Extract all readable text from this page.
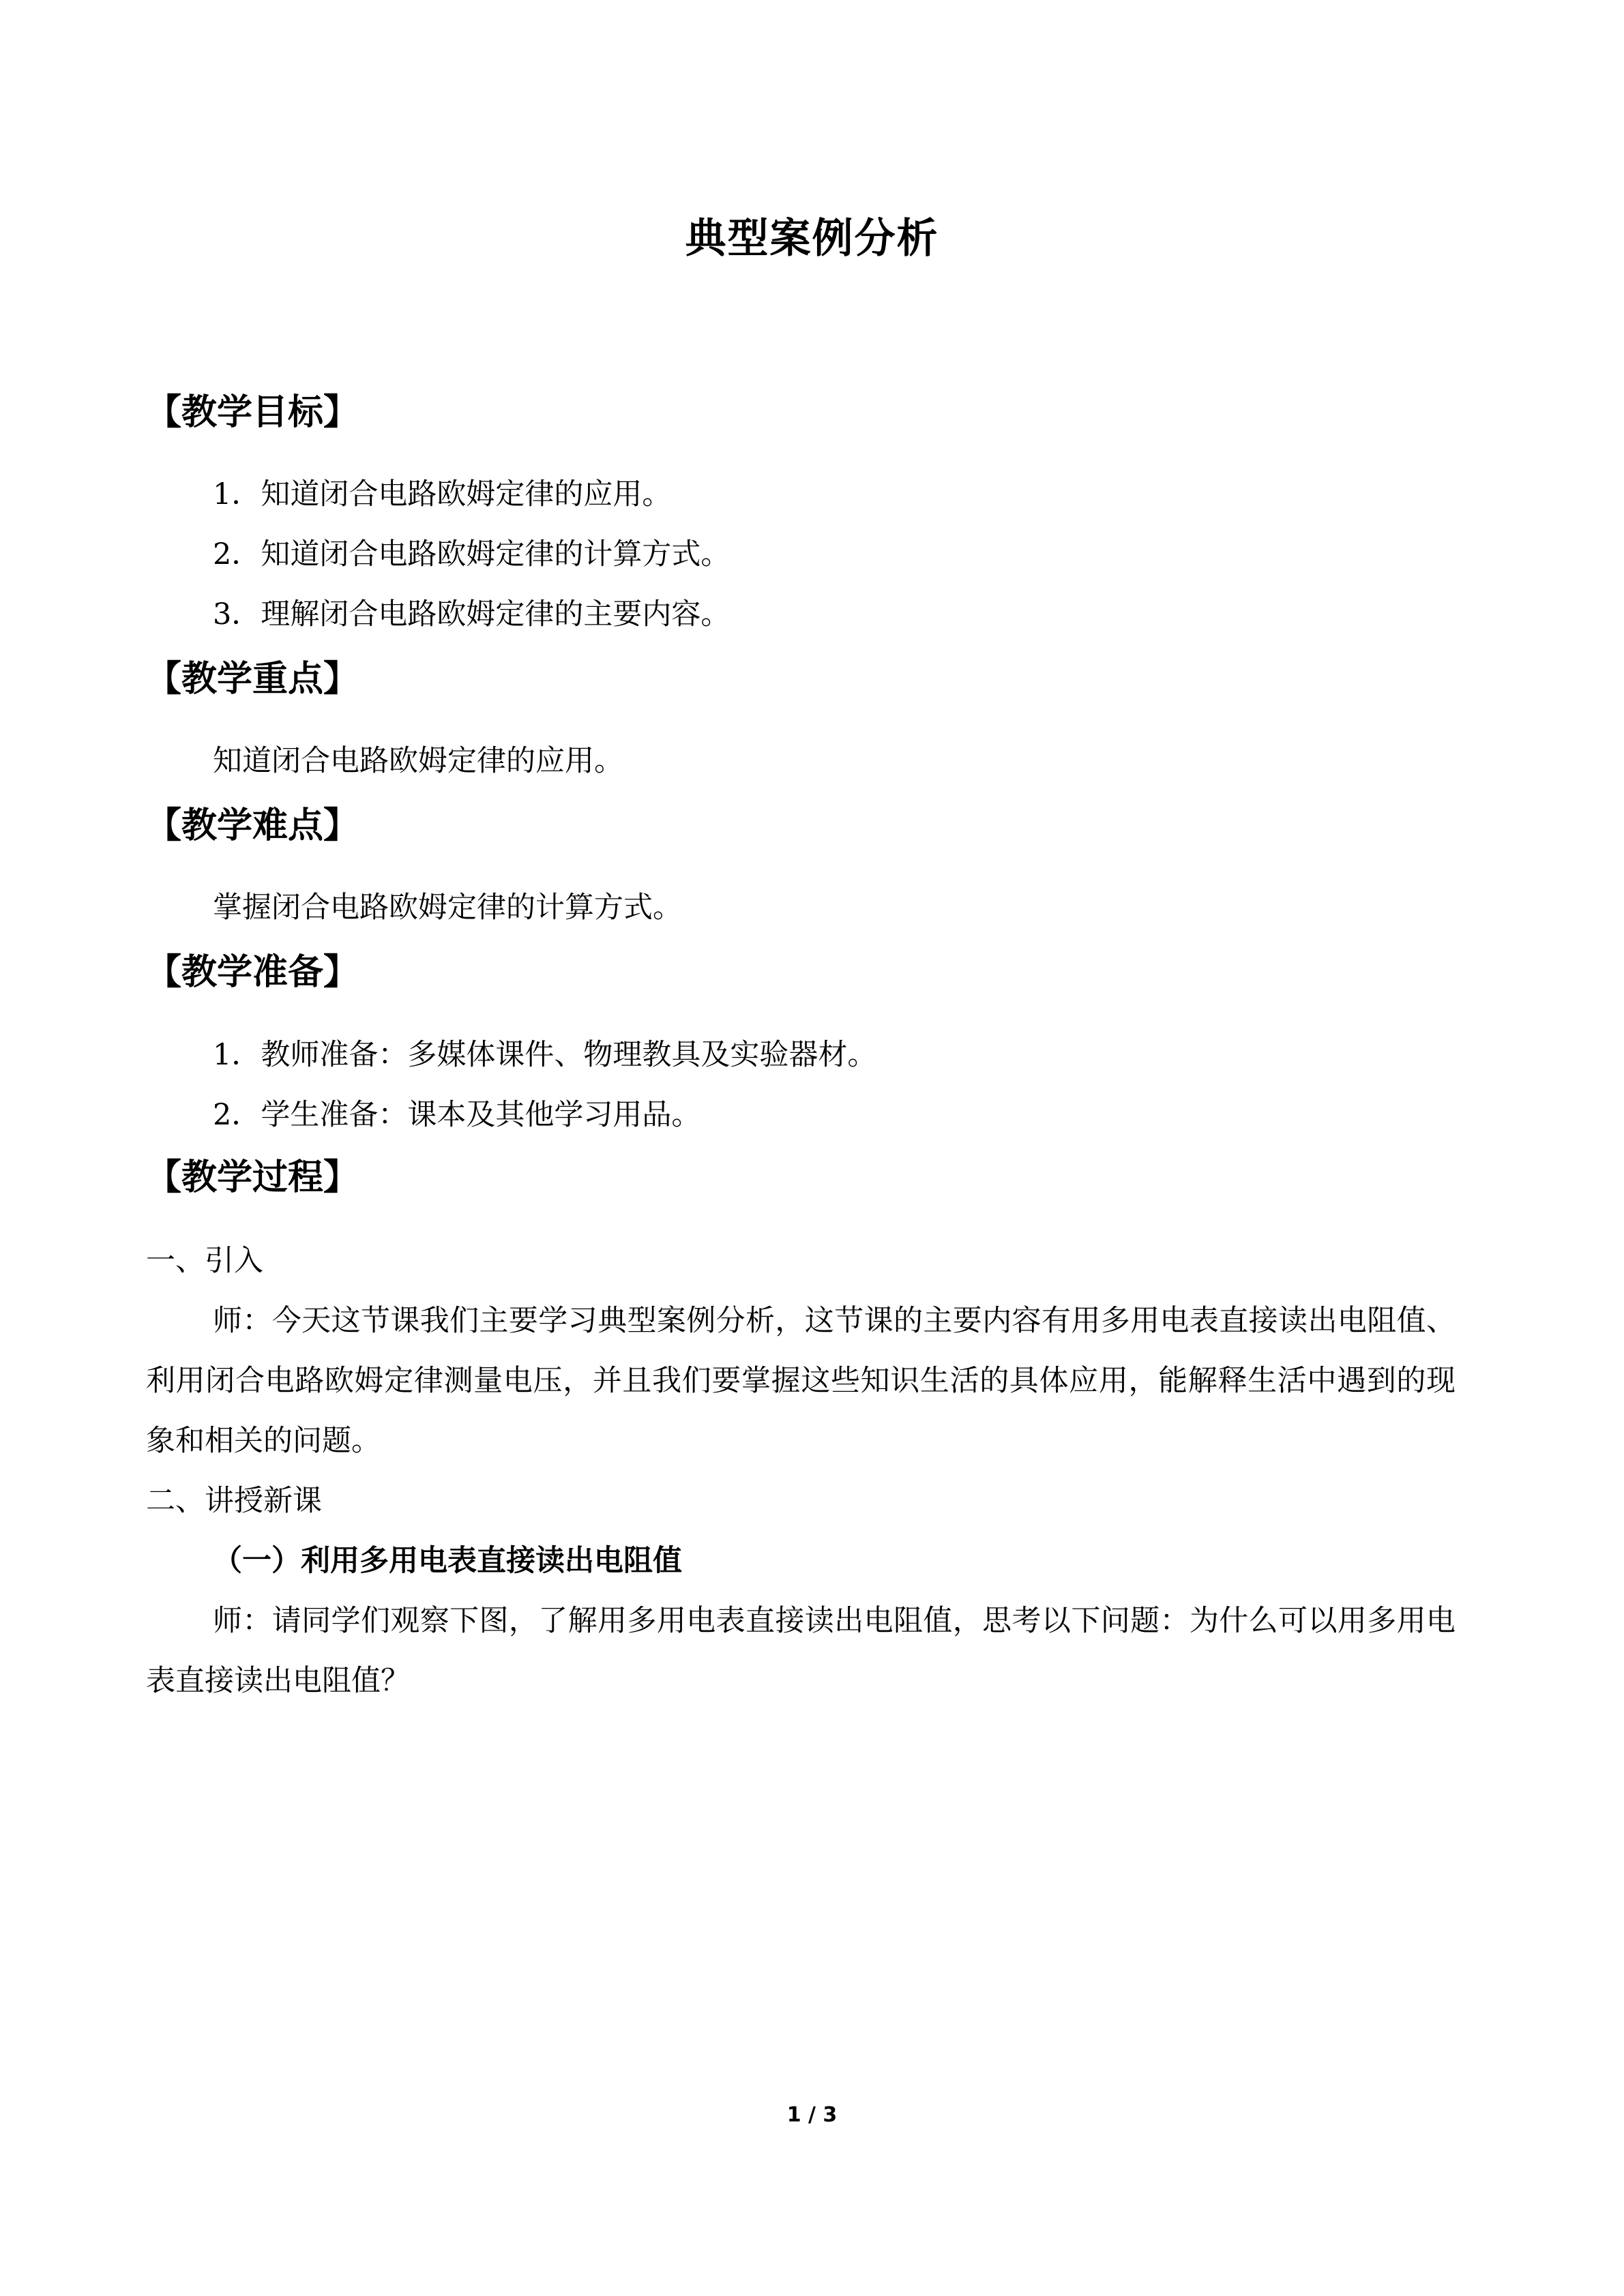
典型案例分析
【教学目标】
1．知道闭合电路欧姆定律的应用。
2．知道闭合电路欧姆定律的计算方式。
3．理解闭合电路欧姆定律的主要内容。
【教学重点】
知道闭合电路欧姆定律的应用。
【教学难点】
掌握闭合电路欧姆定律的计算方式。
【教学准备】
1．教师准备：多媒体课件、物理教具及实验器材。
2．学生准备：课本及其他学习用品。
【教学过程】
一、引入
师：今天这节课我们主要学习典型案例分析，这节课的主要内容有用多用电表直接读出电阻值、利用闭合电路欧姆定律测量电压，并且我们要掌握这些知识生活的具体应用，能解释生活中遇到的现象和相关的问题。
二、讲授新课
（一）利用多用电表直接读出电阻值
师：请同学们观察下图，了解用多用电表直接读出电阻值，思考以下问题：为什么可以用多用电表直接读出电阻值？
1 / 3
